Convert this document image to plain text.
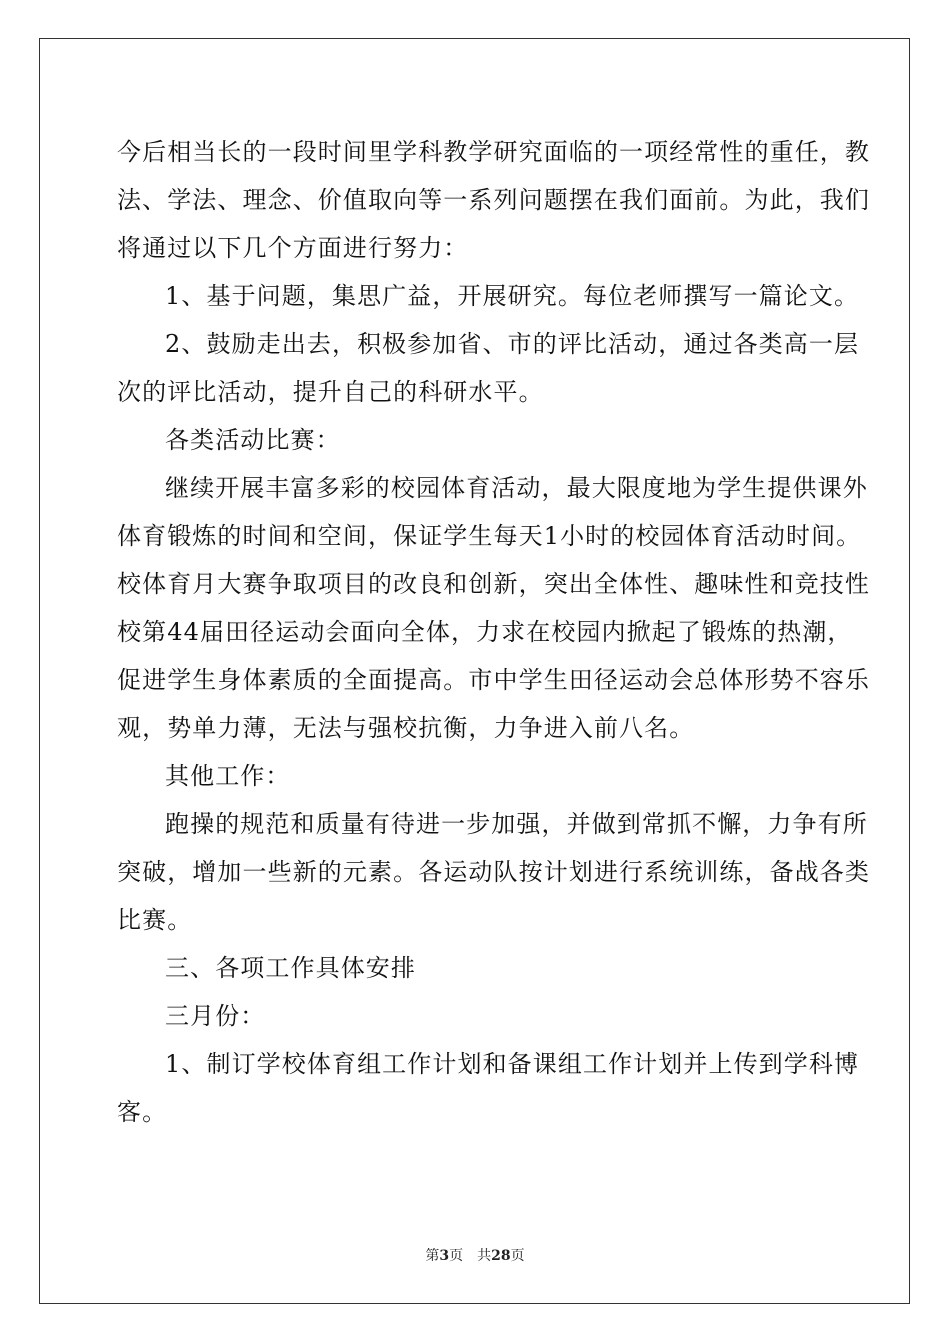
今后相当长的一段时间里学科教学研究面临的一项经常性的重任，教
法、学法、理念、价值取向等一系列问题摆在我们面前。为此，我们
将通过以下几个方面进行努力：
1、基于问题，集思广益，开展研究。每位老师撰写一篇论文。
2、鼓励走出去，积极参加省、市的评比活动，通过各类高一层
次的评比活动，提升自己的科研水平。
各类活动比赛：
继续开展丰富多彩的校园体育活动，最大限度地为学生提供课外
体育锻炼的时间和空间，保证学生每天1小时的校园体育活动时间。
校体育月大赛争取项目的改良和创新，突出全体性、趣味性和竞技性
校第44届田径运动会面向全体，力求在校园内掀起了锻炼的热潮，
促进学生身体素质的全面提高。市中学生田径运动会总体形势不容乐
观，势单力薄，无法与强校抗衡，力争进入前八名。
其他工作：
跑操的规范和质量有待进一步加强，并做到常抓不懈，力争有所
突破，增加一些新的元素。各运动队按计划进行系统训练，备战各类
比赛。
三、各项工作具体安排
三月份：
1、制订学校体育组工作计划和备课组工作计划并上传到学科博
客。
第3页 共28页
